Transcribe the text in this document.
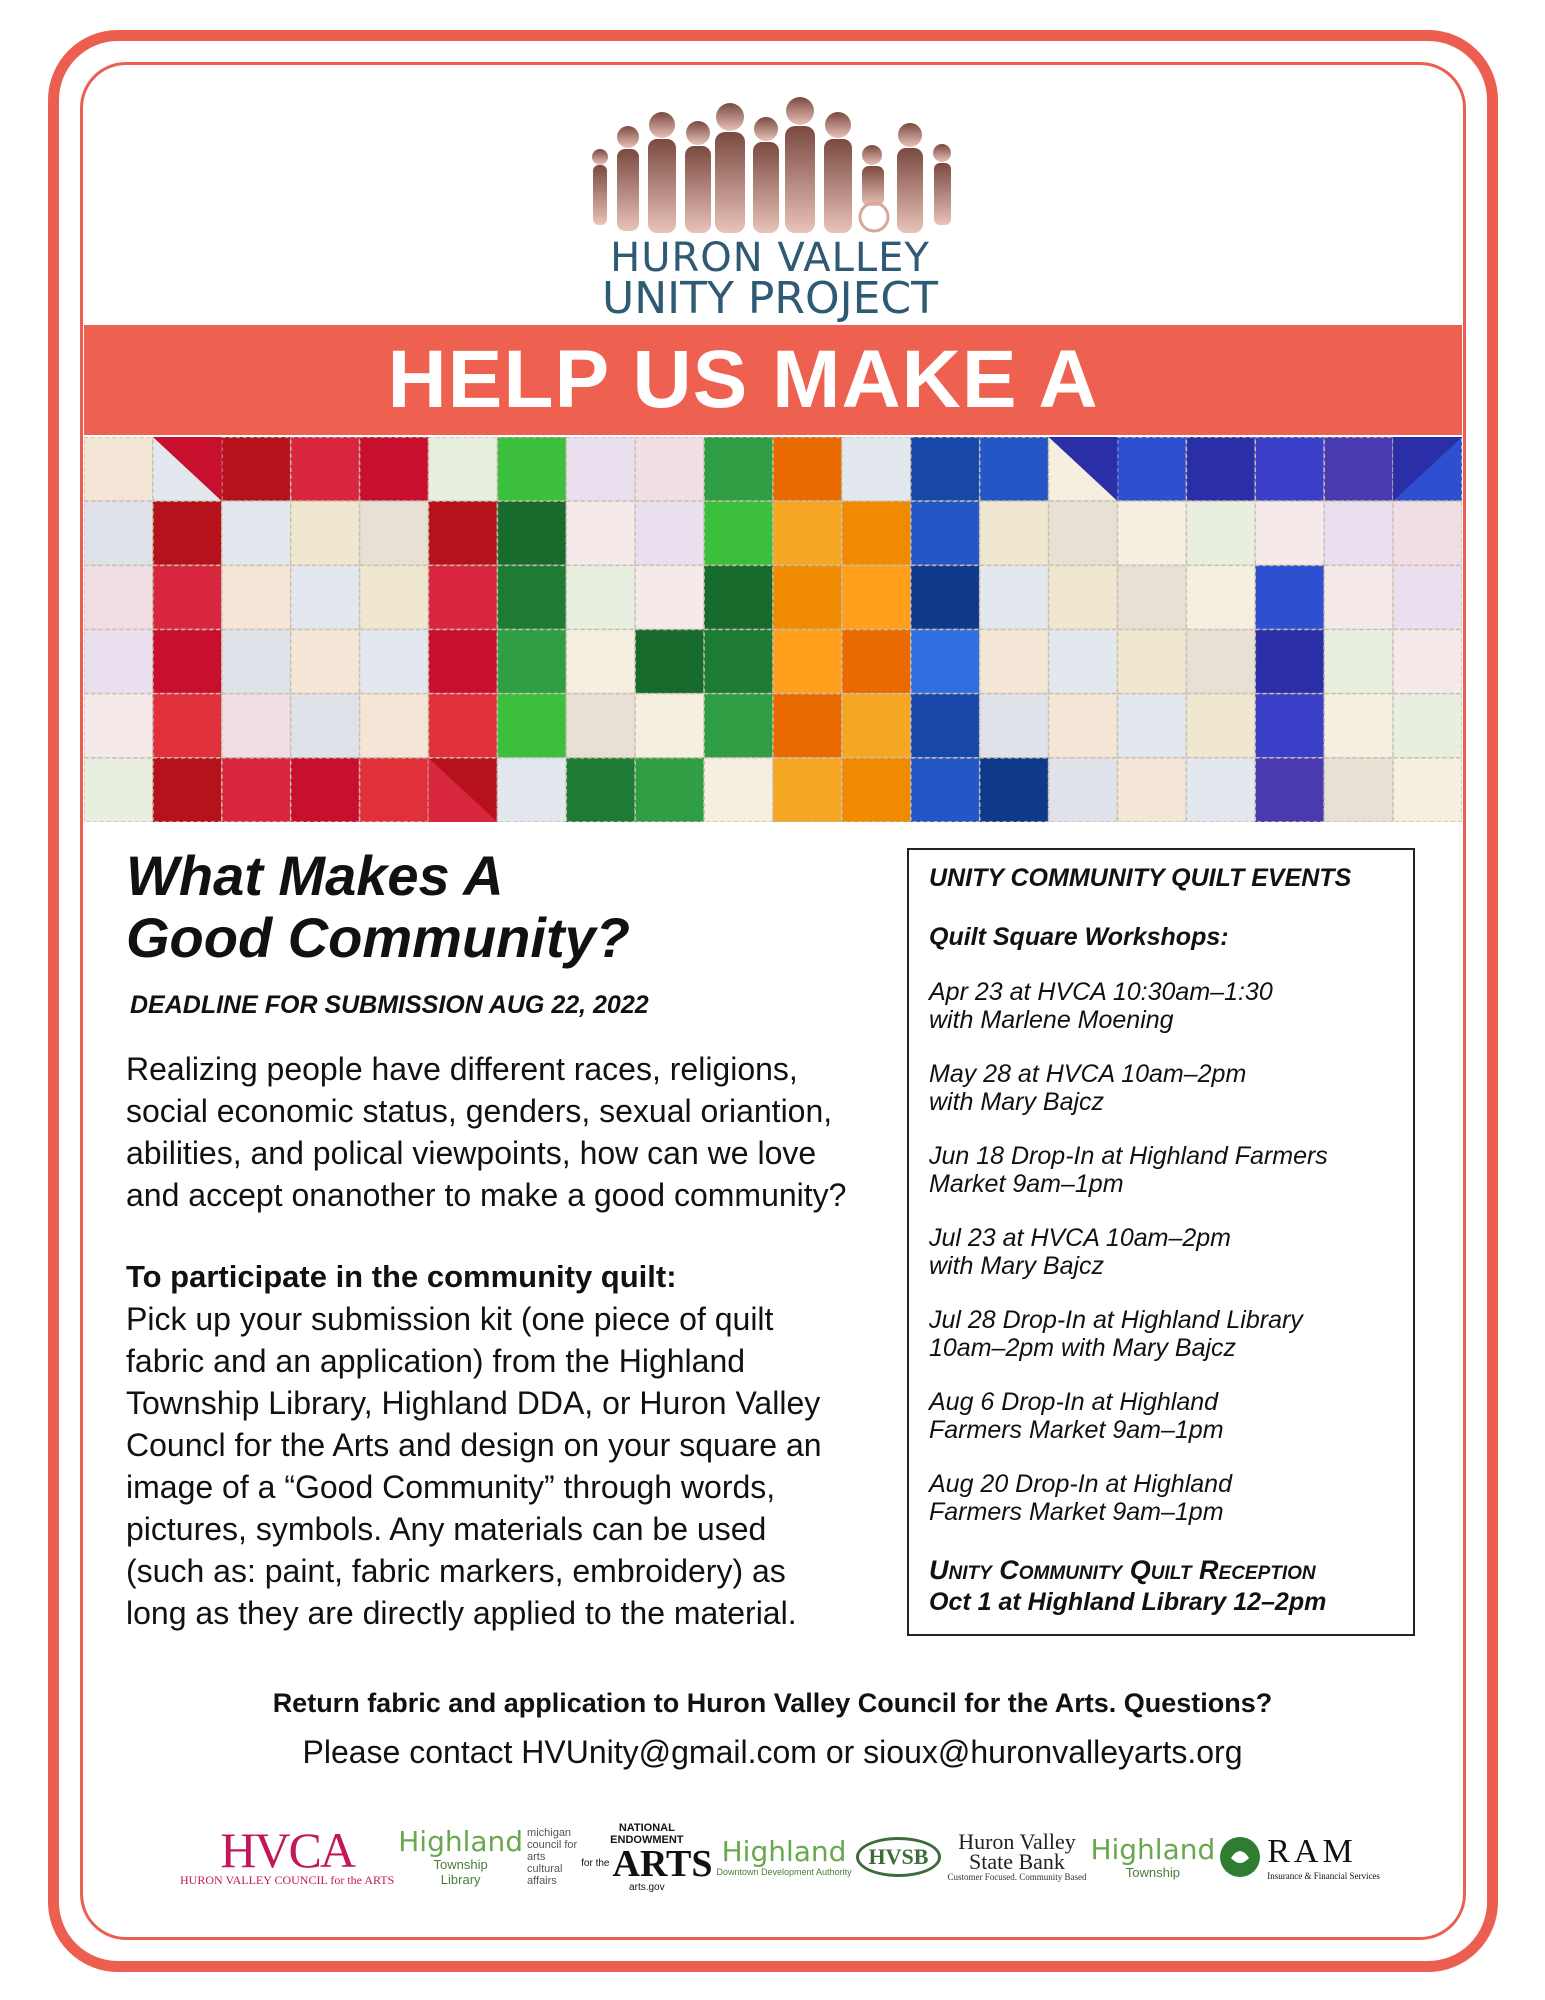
HURON VALLEY
UNITY PROJECT
HELP US MAKE A
What Makes A
Good Community?
DEADLINE FOR SUBMISSION AUG 22, 2022
Realizing people have different races, religions,
social economic status, genders, sexual oriantion,
abilities, and polical viewpoints, how can we love
and accept onanother to make a good community?
To participate in the community quilt:
Pick up your submission kit (one piece of quilt
fabric and an application) from the Highland
Township Library, Highland DDA, or Huron Valley
Councl for the Arts and design on your square an
image of a “Good Community” through words,
pictures, symbols. Any materials can be used
(such as: paint, fabric markers, embroidery) as
long as they are directly applied to the material.
UNITY COMMUNITY QUILT EVENTS
Quilt Square Workshops:
Apr 23 at HVCA 10:30am–1:30
with Marlene Moening
May 28 at HVCA 10am–2pm
with Mary Bajcz
Jun 18 Drop-In at Highland Farmers
Market 9am–1pm
Jul 23 at HVCA 10am–2pm
with Mary Bajcz
Jul 28 Drop-In at Highland Library
10am–2pm with Mary Bajcz
Aug 6 Drop-In at Highland
Farmers Market 9am–1pm
Aug 20 Drop-In at Highland
Farmers Market 9am–1pm
Unity Community Quilt Reception
Oct 1 at Highland Library 12–2pm
Return fabric and application to Huron Valley Council for the Arts. Questions?
Please contact HVUnity@gmail.com or sioux@huronvalleyarts.org
HVCA
HURON VALLEY COUNCIL for the ARTS
Highland
Township
Library
michigan
council for
arts
cultural
affairs
NATIONAL
ENDOWMENT
for the ARTS
arts.gov
Highland
Downtown Development Authority
HVSB
Huron Valley
State Bank
Customer Focused. Community Based
Highland
Township
RAM
Insurance & Financial Services
